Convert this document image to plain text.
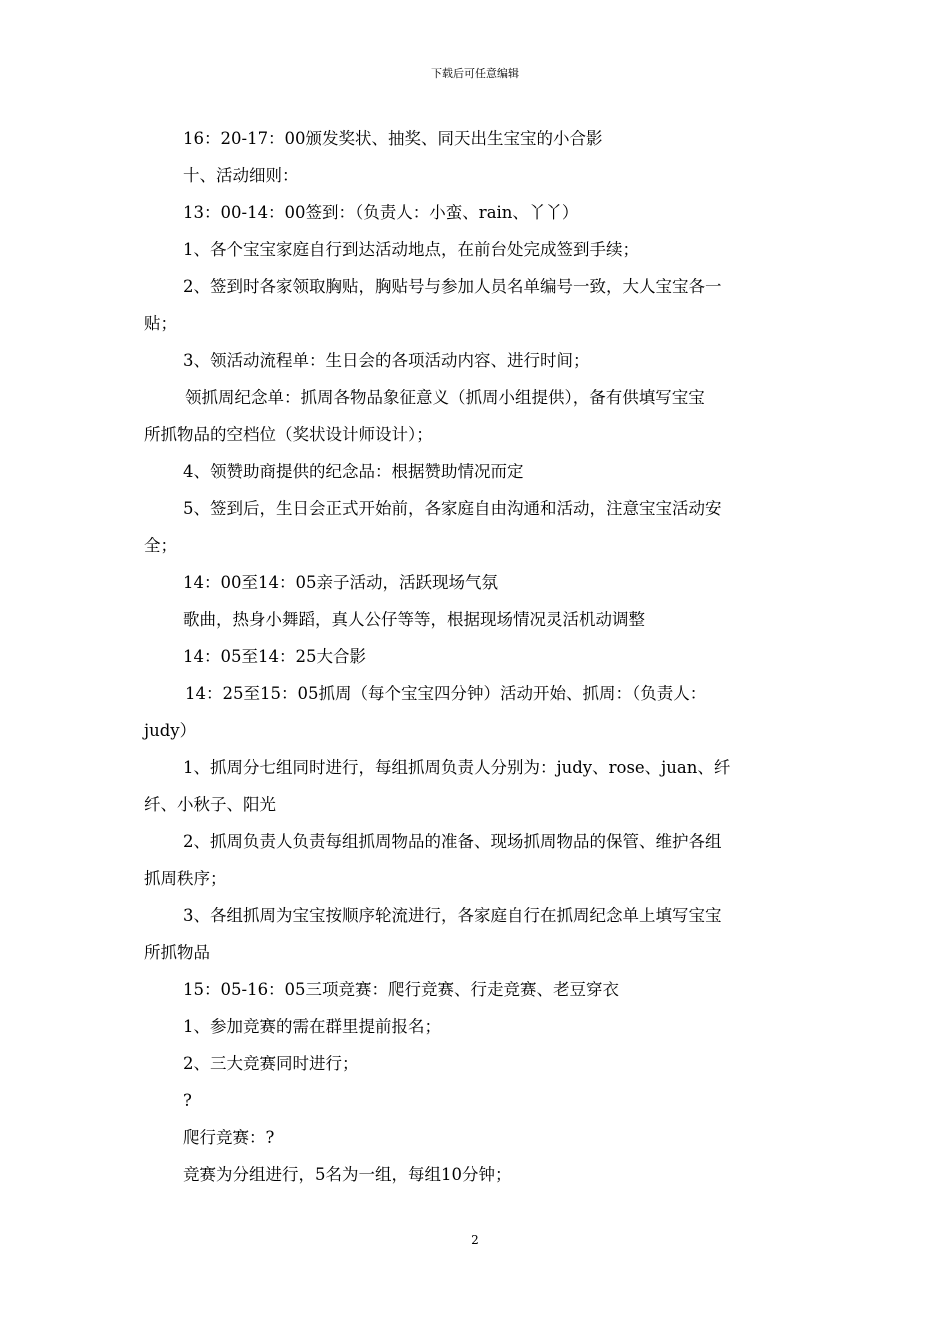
下载后可任意编辑
16：20-17：00颁发奖状、抽奖、同天出生宝宝的小合影
十、活动细则：
13：00-14：00签到：（负责人：小蛮、rain、丫丫）
1、各个宝宝家庭自行到达活动地点，在前台处完成签到手续；
2、签到时各家领取胸贴，胸贴号与参加人员名单编号一致，大人宝宝各一
贴；
3、领活动流程单：生日会的各项活动内容、进行时间；
领抓周纪念单：抓周各物品象征意义（抓周小组提供），备有供填写宝宝
所抓物品的空档位（奖状设计师设计）；
4、领赞助商提供的纪念品：根据赞助情况而定
5、签到后，生日会正式开始前，各家庭自由沟通和活动，注意宝宝活动安
全；
14：00至14：05亲子活动，活跃现场气氛
歌曲，热身小舞蹈，真人公仔等等，根据现场情况灵活机动调整
14：05至14：25大合影
14：25至15：05抓周（每个宝宝四分钟）活动开始、抓周：（负责人：
judy）
1、抓周分七组同时进行，每组抓周负责人分别为：judy、rose、juan、纤
纤、小秋子、阳光
2、抓周负责人负责每组抓周物品的准备、现场抓周物品的保管、维护各组
抓周秩序；
3、各组抓周为宝宝按顺序轮流进行，各家庭自行在抓周纪念单上填写宝宝
所抓物品
15：05-16：05三项竞赛：爬行竞赛、行走竞赛、老豆穿衣
1、参加竞赛的需在群里提前报名；
2、三大竞赛同时进行；
?
爬行竞赛：?
竞赛为分组进行，5名为一组，每组10分钟；
2
